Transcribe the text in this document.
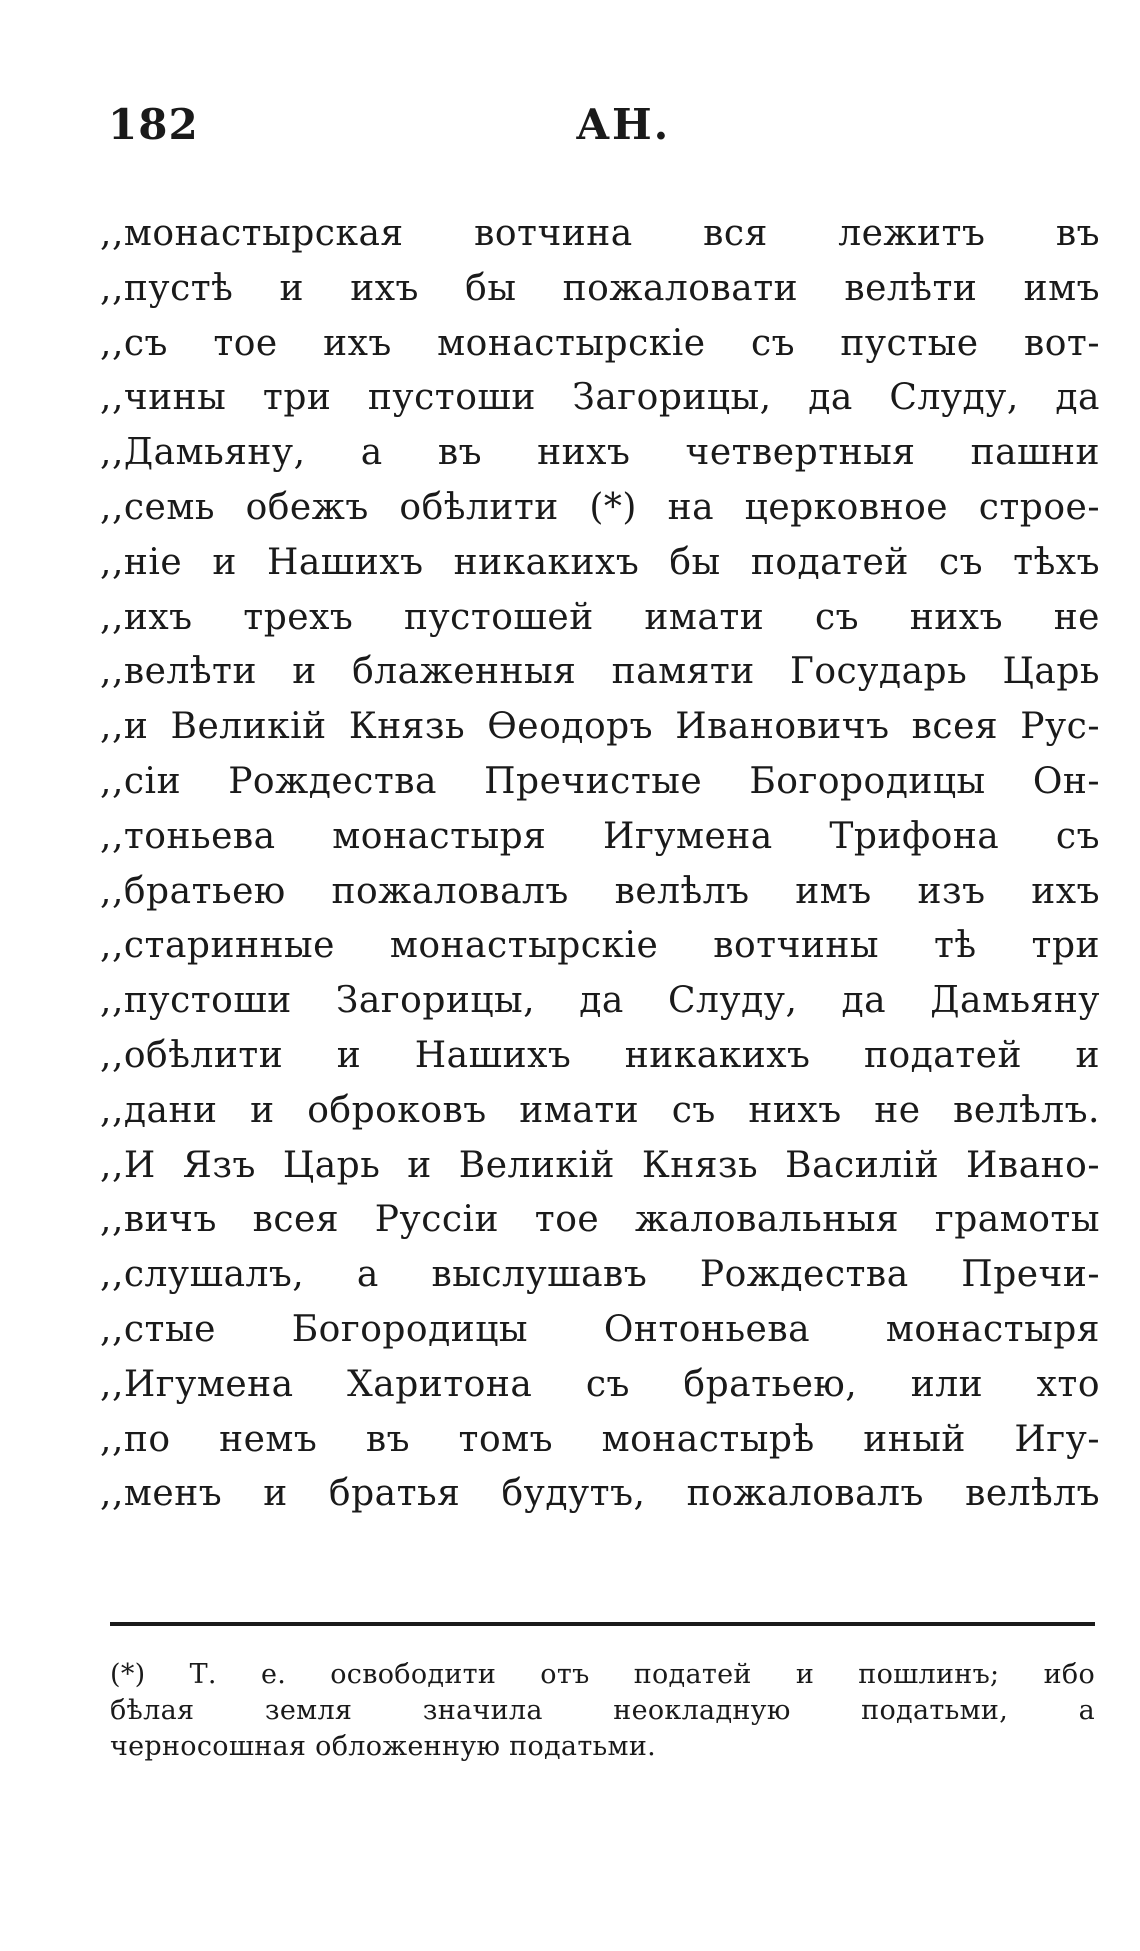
182	АН.
,,монастырская вотчина вся лежитъ въ
,,пустѣ и ихъ бы пожаловати велѣти имъ
,,съ тое ихъ монастырскіе съ пустые вот-
,,чины три пустоши Загорицы, да Слуду, да
,,Дамьяну, а въ нихъ четвертныя пашни
,,семь обежъ обѣлити (*) на церковное строе-
,,ніе и Нашихъ никакихъ бы податей съ тѣхъ
,,ихъ трехъ пустошей имати съ нихъ не
,,велѣти и блаженныя памяти Государь Царь
,,и Великій Князь Ѳеодоръ Ивановичъ всея Рус-
,,сіи Рождества Пречистые Богородицы Он-
,,тоньева монастыря Игумена Трифона съ
,,братьею пожаловалъ велѣлъ имъ изъ ихъ
,,старинные монастырскіе вотчины тѣ три
,,пустоши Загорицы, да Слуду, да Дамьяну
,,обѣлити и Нашихъ никакихъ податей и
,,дани и оброковъ имати съ нихъ не велѣлъ.
,,И Язъ Царь и Великій Князь Василій Ивано-
,,вичъ всея Руссіи тое жаловальныя грамоты
,,слушалъ, а выслушавъ Рождества Пречи-
,,стые Богородицы Онтоньева монастыря
,,Игумена Харитона съ братьею, или хто
,,по немъ въ томъ монастырѣ иный Игу-
,,менъ и братья будутъ, пожаловалъ велѣлъ
(*) Т. е. освободити отъ податей и пошлинъ; ибо
бѣлая земля значила неокладную податьми, а
черносошная обложенную податьми.
